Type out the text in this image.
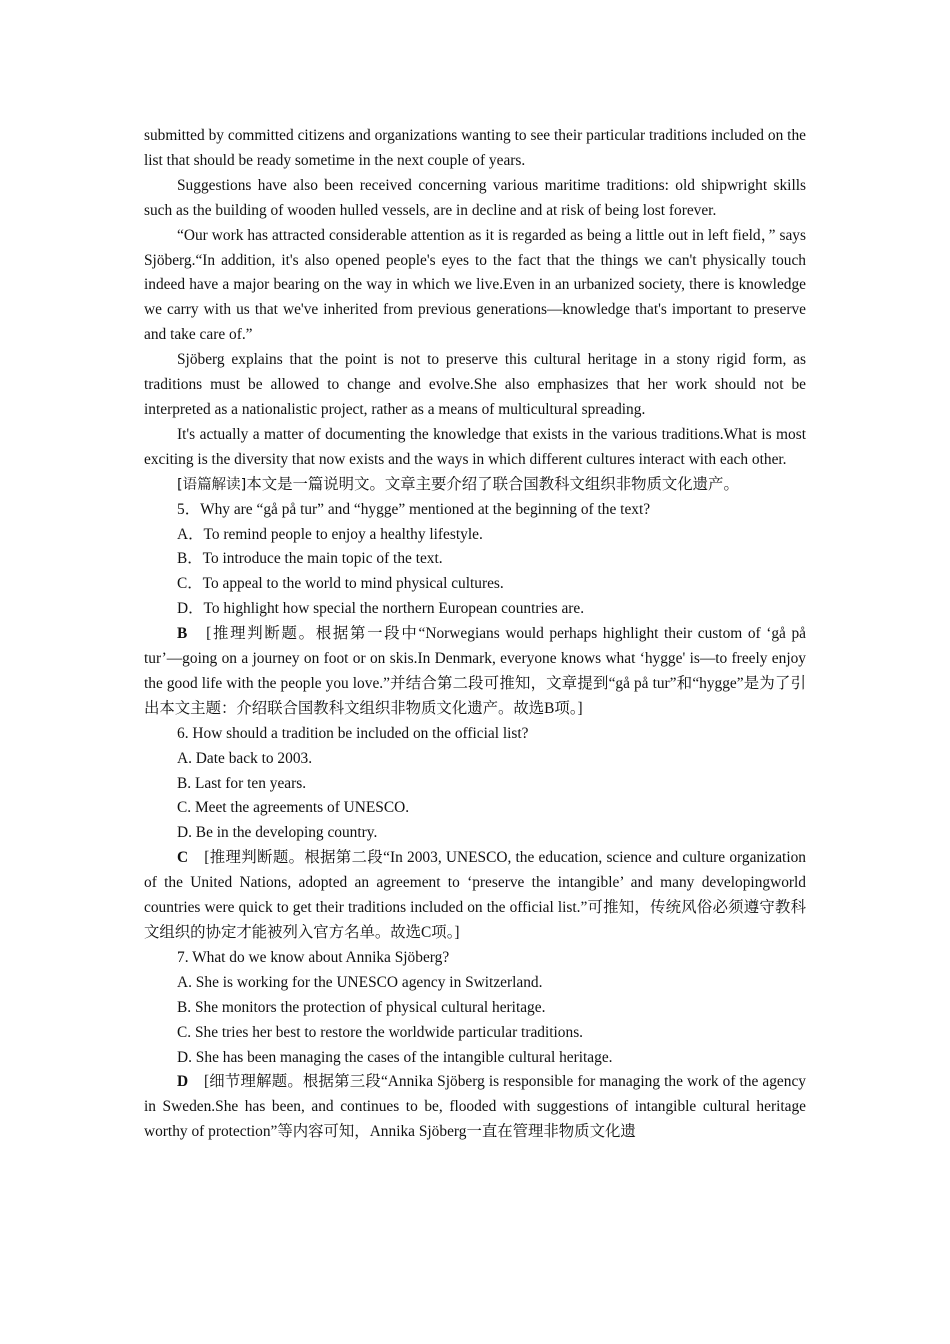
submitted by committed citizens and organizations wanting to see their particular traditions included on the list that should be ready sometime in the next couple of years.

Suggestions have also been received concerning various maritime traditions: old shipwright skills such as the building of wooden hulled vessels, are in decline and at risk of being lost forever.

“Our work has attracted considerable attention as it is regarded as being a little out in left field，” says Sjöberg.“In addition, it's also opened people's eyes to the fact that the things we can't physically touch indeed have a major bearing on the way in which we live.Even in an urbanized society, there is knowledge we carry with us that we've inherited from previous generations—knowledge that's important to preserve and take care of.”

Sjöberg explains that the point is not to preserve this cultural heritage in a stony rigid form, as traditions must be allowed to change and evolve.She also emphasizes that her work should not be interpreted as a nationalistic project, rather as a means of multicultural spreading.

It's actually a matter of documenting the knowledge that exists in the various traditions.What is most exciting is the diversity that now exists and the ways in which different cultures interact with each other.

[语篇解读]本文是一篇说明文。文章主要介绍了联合国教科文组织非物质文化遗产。

5．Why are “gå på tur” and “hygge” mentioned at the beginning of the text?

A．To remind people to enjoy a healthy lifestyle.

B．To introduce the main topic of the text.

C．To appeal to the world to mind physical cultures.

D．To highlight how special the northern European countries are.

B　 [推理判断题。根据第一段中“Norwegians would perhaps highlight their custom of ‘gå på tur’—going on a journey on foot or on skis.In Denmark, everyone knows what ‘hygge' is—to freely enjoy the good life with the people you love.”并结合第二段可推知，文章提到“gå på tur”和“hygge”是为了引出本文主题：介绍联合国教科文组织非物质文化遗产。故选B项。]

6. How should a tradition be included on the official list?

A. Date back to 2003.

B. Last for ten years.

C. Meet the agreements of UNESCO.

D. Be in the developing country.

C　 [推理判断题。根据第二段“In 2003, UNESCO, the education, science and culture organization of the United Nations, adopted an agreement to ‘preserve the intangible’ and many developingworld countries were quick to get their traditions included on the official list.”可推知，传统风俗必须遵守教科文组织的协定才能被列入官方名单。故选C项。]

7. What do we know about Annika Sjöberg?

A. She is working for the UNESCO agency in Switzerland.

B. She monitors the protection of physical cultural heritage.

C. She tries her best to restore the worldwide particular traditions.

D. She has been managing the cases of the intangible cultural heritage.

D　 [细节理解题。根据第三段“Annika Sjöberg is responsible for managing the work of the agency in Sweden.She has been, and continues to be, flooded with suggestions of intangible cultural heritage worthy of protection”等内容可知，Annika Sjöberg一直在管理非物质文化遗
